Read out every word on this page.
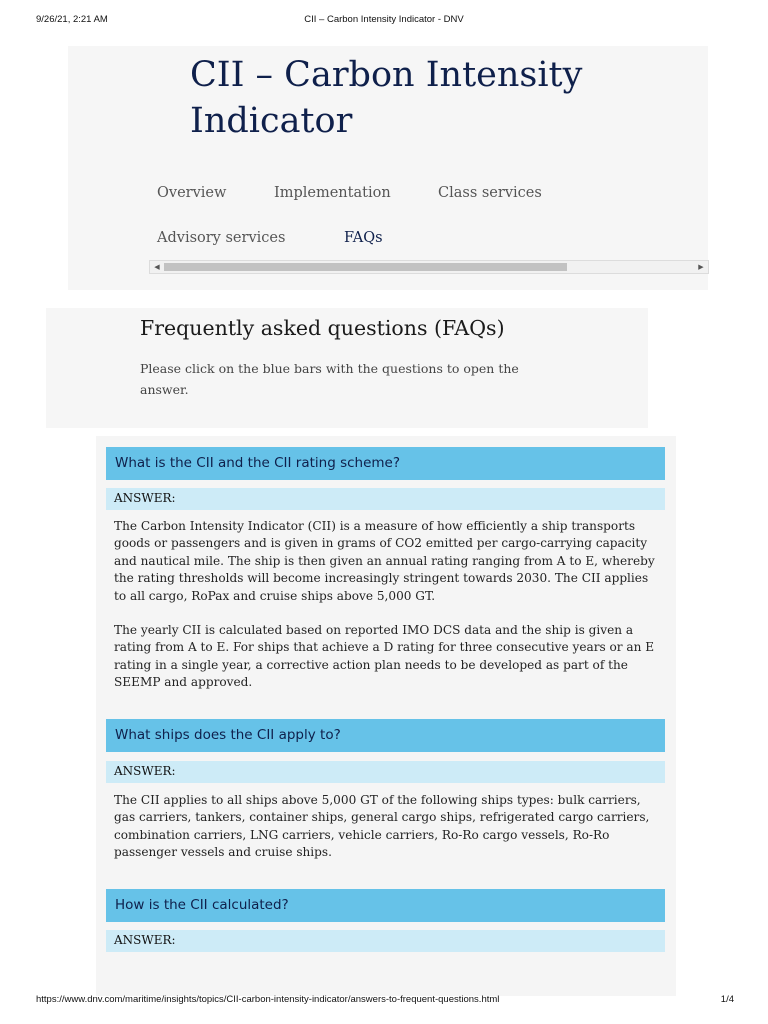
9/26/21, 2:21 AM	CII – Carbon Intensity Indicator - DNV
CII – Carbon Intensity Indicator
Overview	Implementation	Class services
Advisory services	FAQs
◀	▶
Frequently asked questions (FAQs)

Please click on the blue bars with the questions to open the answer.

What is the CII and the CII rating scheme?
ANSWER:

The Carbon Intensity Indicator (CII) is a measure of how efficiently a ship transports goods or passengers and is given in grams of CO2 emitted per cargo-carrying capacity and nautical mile. The ship is then given an annual rating ranging from A to E, whereby the rating thresholds will become increasingly stringent towards 2030. The CII applies to all cargo, RoPax and cruise ships above 5,000 GT.

The yearly CII is calculated based on reported IMO DCS data and the ship is given a rating from A to E. For ships that achieve a D rating for three consecutive years or an E rating in a single year, a corrective action plan needs to be developed as part of the SEEMP and approved.

What ships does the CII apply to?
ANSWER:

The CII applies to all ships above 5,000 GT of the following ships types: bulk carriers, gas carriers, tankers, container ships, general cargo ships, refrigerated cargo carriers, combination carriers, LNG carriers, vehicle carriers, Ro-Ro cargo vessels, Ro-Ro passenger vessels and cruise ships.

How is the CII calculated?
ANSWER:
https://www.dnv.com/maritime/insights/topics/CII-carbon-intensity-indicator/answers-to-frequent-questions.html	1/4
